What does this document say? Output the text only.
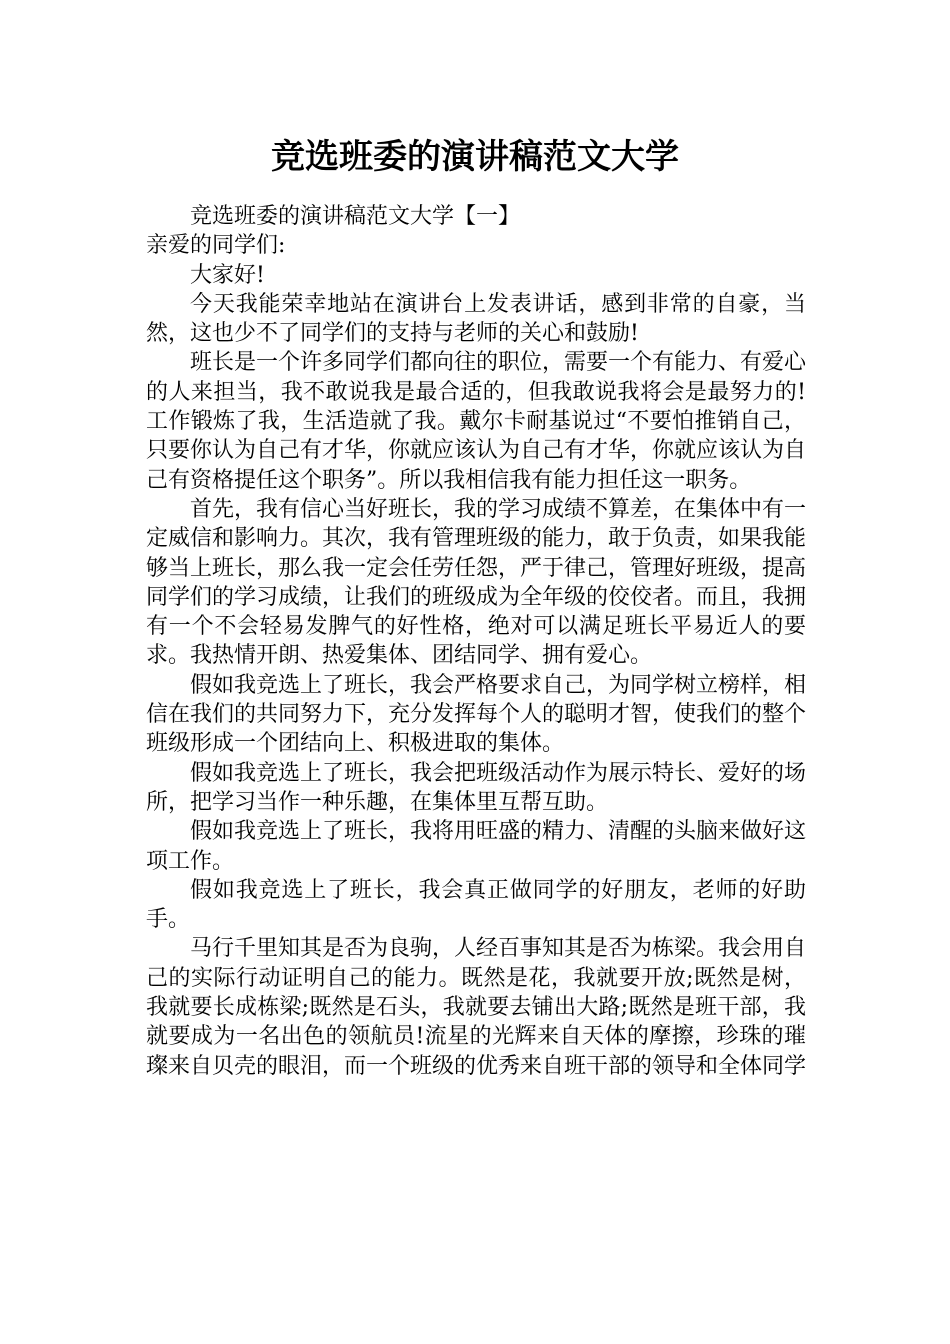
竞选班委的演讲稿范文大学

竞选班委的演讲稿范文大学【一】

亲爱的同学们:

大家好!

今天我能荣幸地站在演讲台上发表讲话，感到非常的自豪，当然，这也少不了同学们的支持与老师的关心和鼓励!

班长是一个许多同学们都向往的职位，需要一个有能力、有爱心的人来担当，我不敢说我是最合适的，但我敢说我将会是最努力的!工作锻炼了我，生活造就了我。戴尔卡耐基说过“不要怕推销自己，只要你认为自己有才华，你就应该认为自己有才华，你就应该认为自己有资格提任这个职务”。所以我相信我有能力担任这一职务。

首先，我有信心当好班长，我的学习成绩不算差，在集体中有一定威信和影响力。其次，我有管理班级的能力，敢于负责，如果我能够当上班长，那么我一定会任劳任怨，严于律己，管理好班级，提高同学们的学习成绩，让我们的班级成为全年级的佼佼者。而且，我拥有一个不会轻易发脾气的好性格，绝对可以满足班长平易近人的要求。我热情开朗、热爱集体、团结同学、拥有爱心。

假如我竞选上了班长，我会严格要求自己，为同学树立榜样，相信在我们的共同努力下，充分发挥每个人的聪明才智，使我们的整个班级形成一个团结向上、积极进取的集体。

假如我竞选上了班长，我会把班级活动作为展示特长、爱好的场所，把学习当作一种乐趣，在集体里互帮互助。

假如我竞选上了班长，我将用旺盛的精力、清醒的头脑来做好这项工作。

假如我竞选上了班长，我会真正做同学的好朋友，老师的好助手。

马行千里知其是否为良驹，人经百事知其是否为栋梁。我会用自己的实际行动证明自己的能力。既然是花，我就要开放;既然是树，我就要长成栋梁;既然是石头，我就要去铺出大路;既然是班干部，我就要成为一名出色的领航员!流星的光辉来自天体的摩擦，珍珠的璀璨来自贝壳的眼泪，而一个班级的优秀来自班干部的领导和全体同学
